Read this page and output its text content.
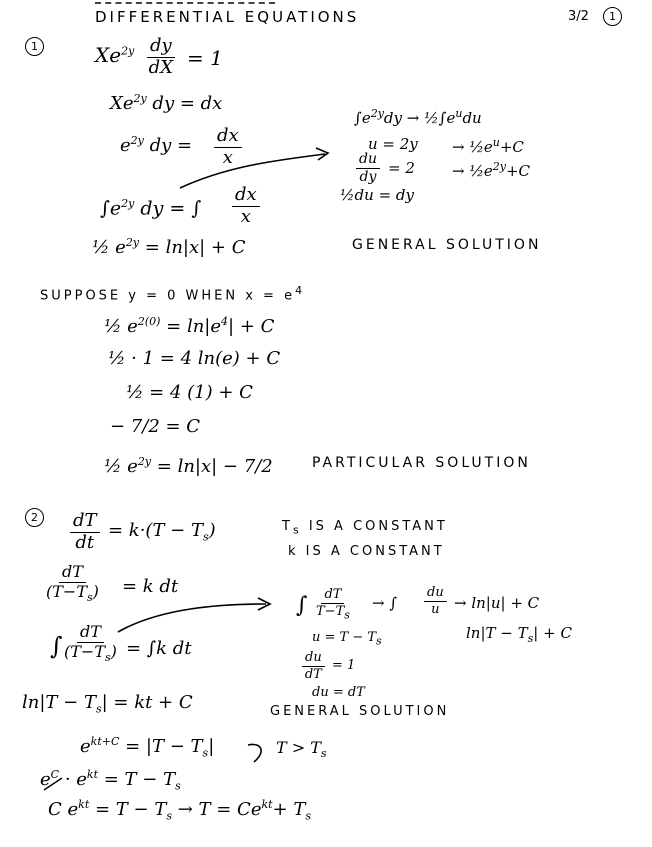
DIFFERENTIAL EQUATIONS	3/2	1
1	$Xe^{2y} \frac{dy}{dX} = 1$
$Xe^{2y}$ dy = dx
$e^{2y}$ dy = $\frac{dx}{x}$
$\int e^{2y}$ dy = ∫ $\frac{dx}{x}$
$\int e^{2y}dy$ → $\frac{1}{2}\int e^udu$
$u = 2y \to \frac{1}{2}e^u+C$
$\frac{du}{dy} = 2$ → $\frac{1}{2}e^{2y}+C$
½du = dy
½ $e^{2y} = \ln|x| + C$	GENERAL SOLUTION
SUPPOSE y = 0 WHEN $x = e^4$
½ $e^{2(0)} = \ln|e^4| + C$
½ · 1 = 4 ln(e) + C
½ = 4 (1) + C
− 7/2 = C
½ $e^{2y} = \ln|x| - 7/2$	PARTICULAR SOLUTION
2	$\frac{dT}{dt} = k\cdot(T - T_s)$	$T_s$ IS A CONSTANT
k IS A CONSTANT
$\frac{dT}{(T-T_s)} = k$ dt
∫ $\frac{dT}{(T-T_s)} = \int k$ dt
∫ $\frac{dT}{T-T_s}$ → ∫ $\frac{du}{u} \to \ln|u| + C$
$u = T - T_s$
$\frac{du}{dT} = 1$
du = dT
$\ln|T - T_s| + C$
$\ln|T - T_s|$ = kt + C	GENERAL SOLUTION
$e^{kt+C} = |T - T_s|$	$T > T_s$
$e^C \cdot e^{kt} = T - T_s$
C $e^{kt} = T - T_s \to T = Ce^{kt}+ T_s$
